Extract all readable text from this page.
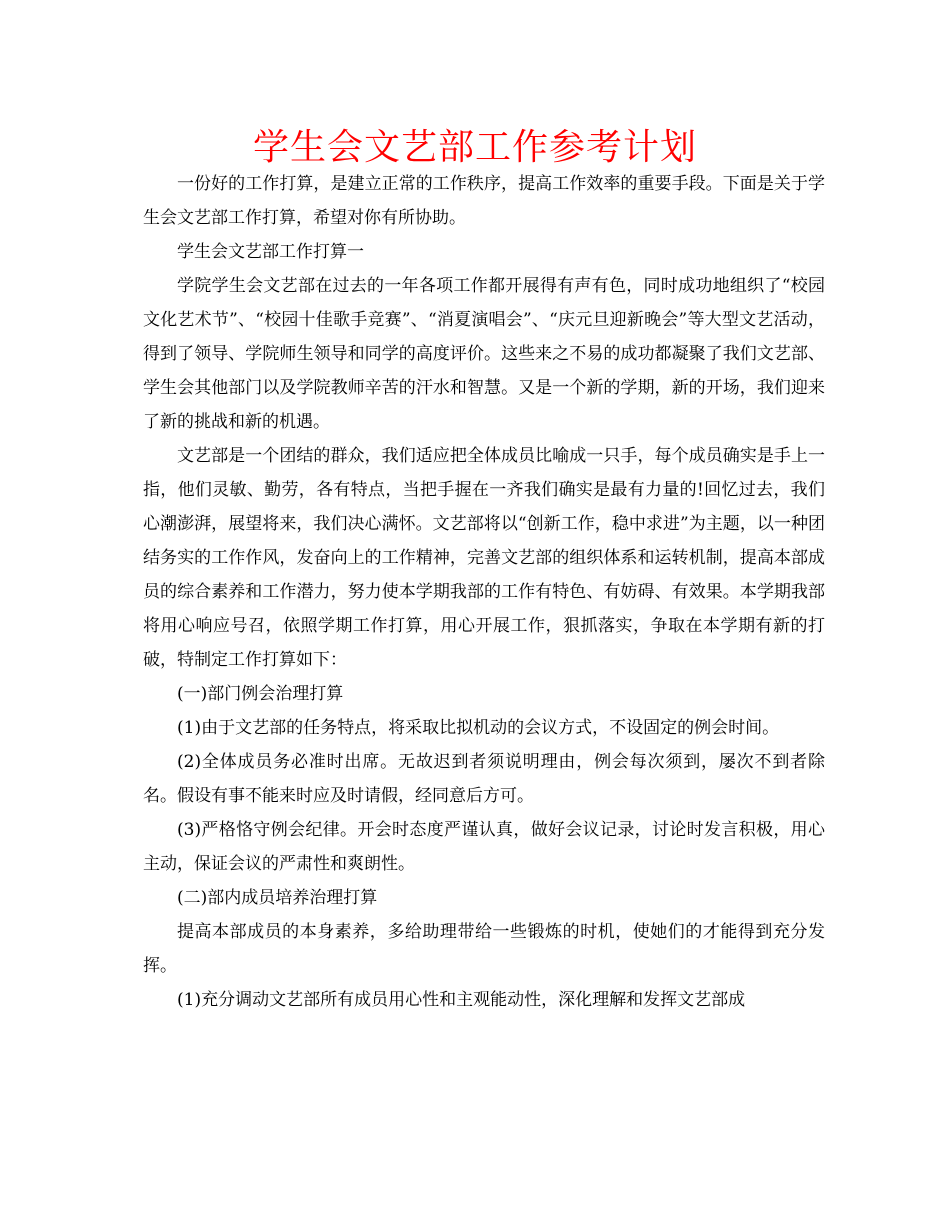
学生会文艺部工作参考计划

一份好的工作打算，是建立正常的工作秩序，提高工作效率的重要手段。下面是关于学生会文艺部工作打算，希望对你有所协助。

学生会文艺部工作打算一

学院学生会文艺部在过去的一年各项工作都开展得有声有色，同时成功地组织了“校园文化艺术节”、“校园十佳歌手竞赛”、“消夏演唱会”、“庆元旦迎新晚会”等大型文艺活动，得到了领导、学院师生领导和同学的高度评价。这些来之不易的成功都凝聚了我们文艺部、学生会其他部门以及学院教师辛苦的汗水和智慧。又是一个新的学期，新的开场，我们迎来了新的挑战和新的机遇。

文艺部是一个团结的群众，我们适应把全体成员比喻成一只手，每个成员确实是手上一指，他们灵敏、勤劳，各有特点，当把手握在一齐我们确实是最有力量的!回忆过去，我们心潮澎湃，展望将来，我们决心满怀。文艺部将以“创新工作，稳中求进”为主题，以一种团结务实的工作作风，发奋向上的工作精神，完善文艺部的组织体系和运转机制，提高本部成员的综合素养和工作潜力，努力使本学期我部的工作有特色、有妨碍、有效果。本学期我部将用心响应号召，依照学期工作打算，用心开展工作，狠抓落实，争取在本学期有新的打破，特制定工作打算如下：

(一)部门例会治理打算

(1)由于文艺部的任务特点，将采取比拟机动的会议方式，不设固定的例会时间。

(2)全体成员务必准时出席。无故迟到者须说明理由，例会每次须到，屡次不到者除名。假设有事不能来时应及时请假，经同意后方可。

(3)严格恪守例会纪律。开会时态度严谨认真，做好会议记录，讨论时发言积极，用心主动，保证会议的严肃性和爽朗性。

(二)部内成员培养治理打算

提高本部成员的本身素养，多给助理带给一些锻炼的时机，使她们的才能得到充分发挥。

(1)充分调动文艺部所有成员用心性和主观能动性，深化理解和发挥文艺部成
